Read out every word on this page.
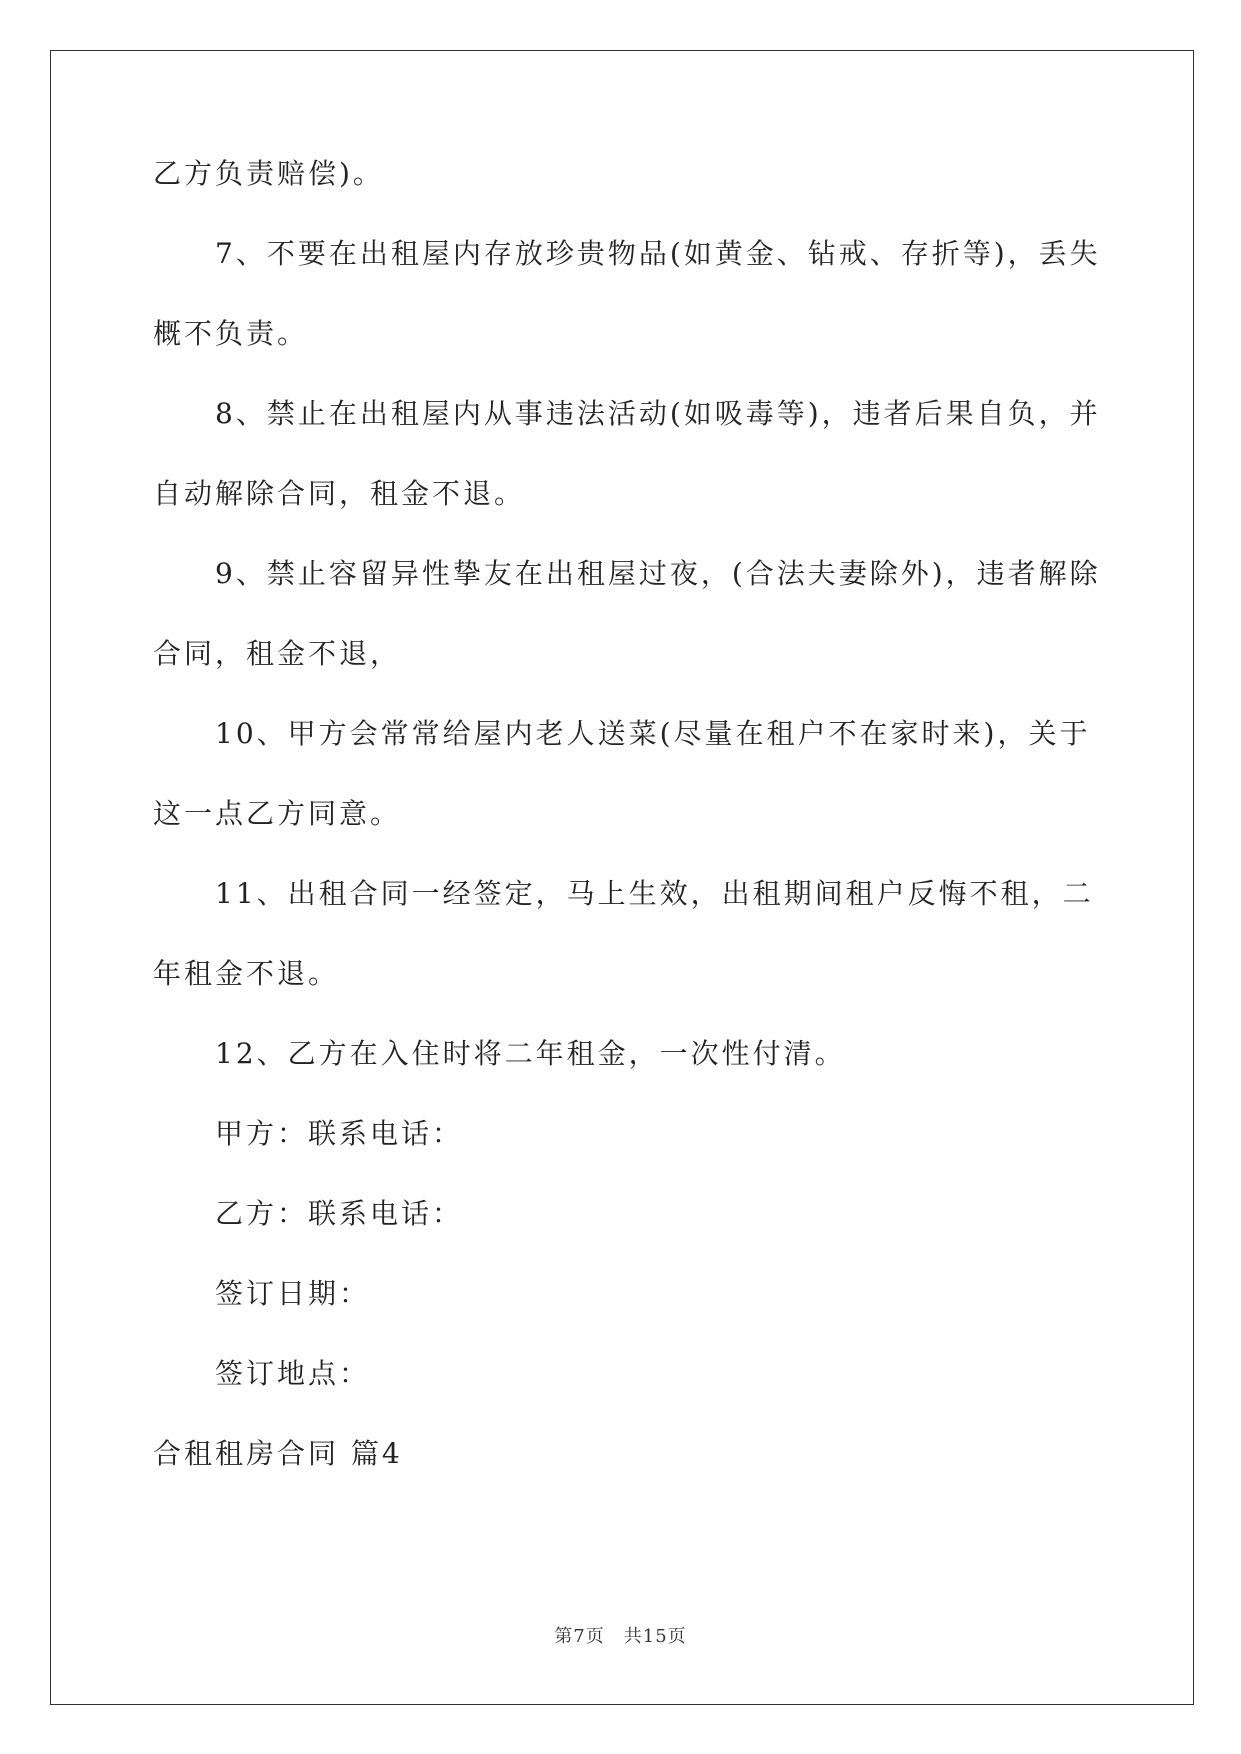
乙方负责赔偿)。
7、不要在出租屋内存放珍贵物品(如黄金、钻戒、存折等)，丢失
概不负责。
8、禁止在出租屋内从事违法活动(如吸毒等)，违者后果自负，并
自动解除合同，租金不退。
9、禁止容留异性挚友在出租屋过夜，(合法夫妻除外)，违者解除
合同，租金不退，
10、甲方会常常给屋内老人送菜(尽量在租户不在家时来)，关于
这一点乙方同意。
11、出租合同一经签定，马上生效，出租期间租户反悔不租，二
年租金不退。
12、乙方在入住时将二年租金，一次性付清。
甲方：联系电话：
乙方：联系电话：
签订日期：
签订地点：
合租租房合同 篇4
第7页　共15页
